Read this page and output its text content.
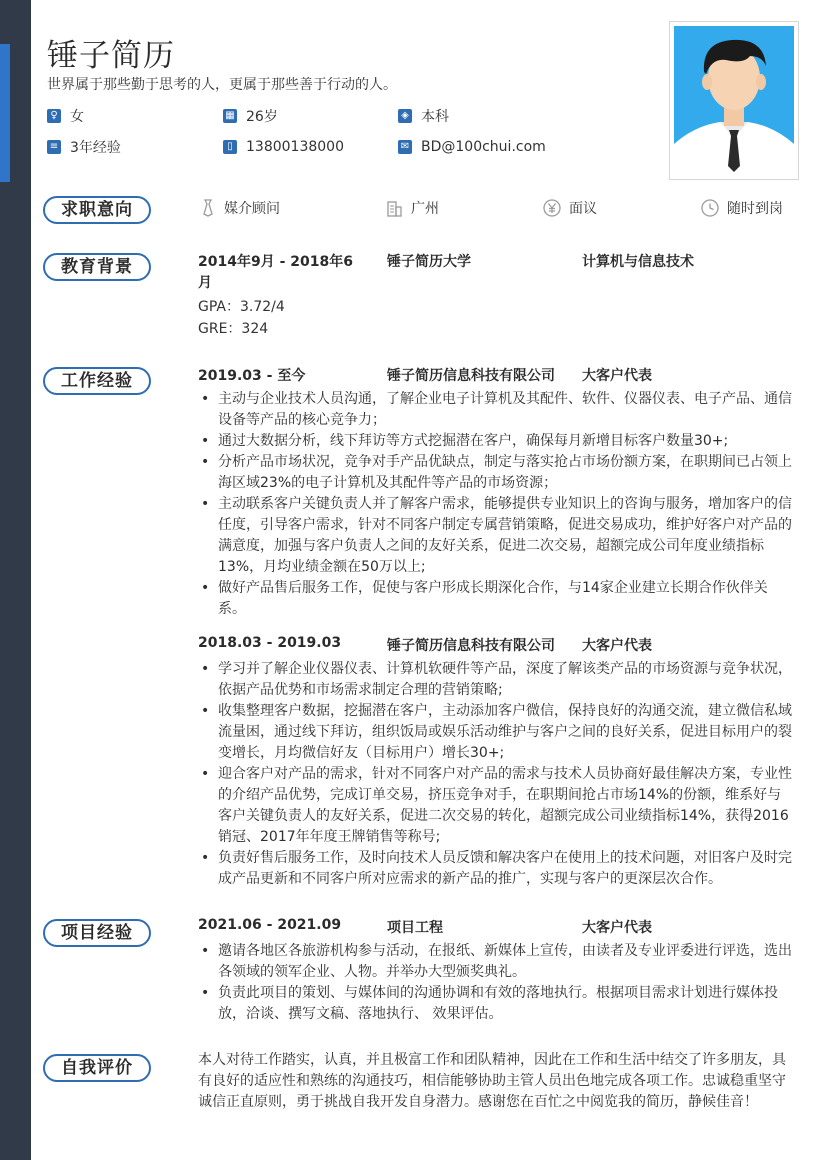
锤子简历
世界属于那些勤于思考的人，更属于那些善于行动的人。
♀ 女	▦ 26岁	◈ 本科
≡ 3年经验	▯ 13800138000	✉ BD@100chui.com
求职意向
教育背景
工作经验
项目经验
自我评价
媒介顾问	广州	面议	随时到岗
2014年9月 - 2018年6
月
锤子简历大学	计算机与信息技术
GPA：3.72/4
GRE：324
2019.03 - 至今	锤子简历信息科技有限公司 大客户代表
• 主动与企业技术人员沟通，了解企业电子计算机及其配件、软件、仪器仪表、电子产品、通信设备等产品的核心竞争力；
• 通过大数据分析，线下拜访等方式挖掘潜在客户，确保每月新增目标客户数量30+;
• 分析产品市场状况，竞争对手产品优缺点，制定与落实抢占市场份额方案，在职期间已占领上海区域23%的电子计算机及其配件等产品的市场资源；
• 主动联系客户关键负责人并了解客户需求，能够提供专业知识上的咨询与服务，增加客户的信任度，引导客户需求，针对不同客户制定专属营销策略，促进交易成功，维护好客户对产品的满意度，加强与客户负责人之间的友好关系，促进二次交易，超额完成公司年度业绩指标13%，月均业绩金额在50万以上;
• 做好产品售后服务工作，促使与客户形成长期深化合作，与14家企业建立长期合作伙伴关系。
2018.03 - 2019.03	锤子简历信息科技有限公司 大客户代表
• 学习并了解企业仪器仪表、计算机软硬件等产品，深度了解该类产品的市场资源与竞争状况，依据产品优势和市场需求制定合理的营销策略;
• 收集整理客户数据，挖掘潜在客户，主动添加客户微信，保持良好的沟通交流，建立微信私域流量困，通过线下拜访，组织饭局或娱乐活动维护与客户之间的良好关系，促进目标用户的裂变增长，月均微信好友（目标用户）增长30+;
• 迎合客户对产品的需求，针对不同客户对产品的需求与技术人员协商好最佳解决方案，专业性的介绍产品优势，完成订单交易，挤压竞争对手，在职期间抢占市场14%的份额，维系好与客户关键负责人的友好关系，促进二次交易的转化，超额完成公司业绩指标14%，获得2016销冠、2017年年度王牌销售等称号;
• 负责好售后服务工作，及时向技术人员反馈和解决客户在使用上的技术问题，对旧客户及时完成产品更新和不同客户所对应需求的新产品的推广，实现与客户的更深层次合作。
2021.06 - 2021.09	项目工程	大客户代表
• 邀请各地区各旅游机构参与活动，在报纸、新媒体上宣传，由读者及专业评委进行评选，选出各领域的领军企业、人物。并举办大型颁奖典礼。
• 负责此项目的策划、与媒体间的沟通协调和有效的落地执行。根据项目需求计划进行媒体投放，洽谈、撰写文稿、落地执行、 效果评估。
本人对待工作踏实，认真，并且极富工作和团队精神，因此在工作和生活中结交了许多朋友，具有良好的适应性和熟练的沟通技巧，相信能够协助主管人员出色地完成各项工作。忠诚稳重坚守诚信正直原则，勇于挑战自我开发自身潜力。感谢您在百忙之中阅览我的简历，静候佳音！
